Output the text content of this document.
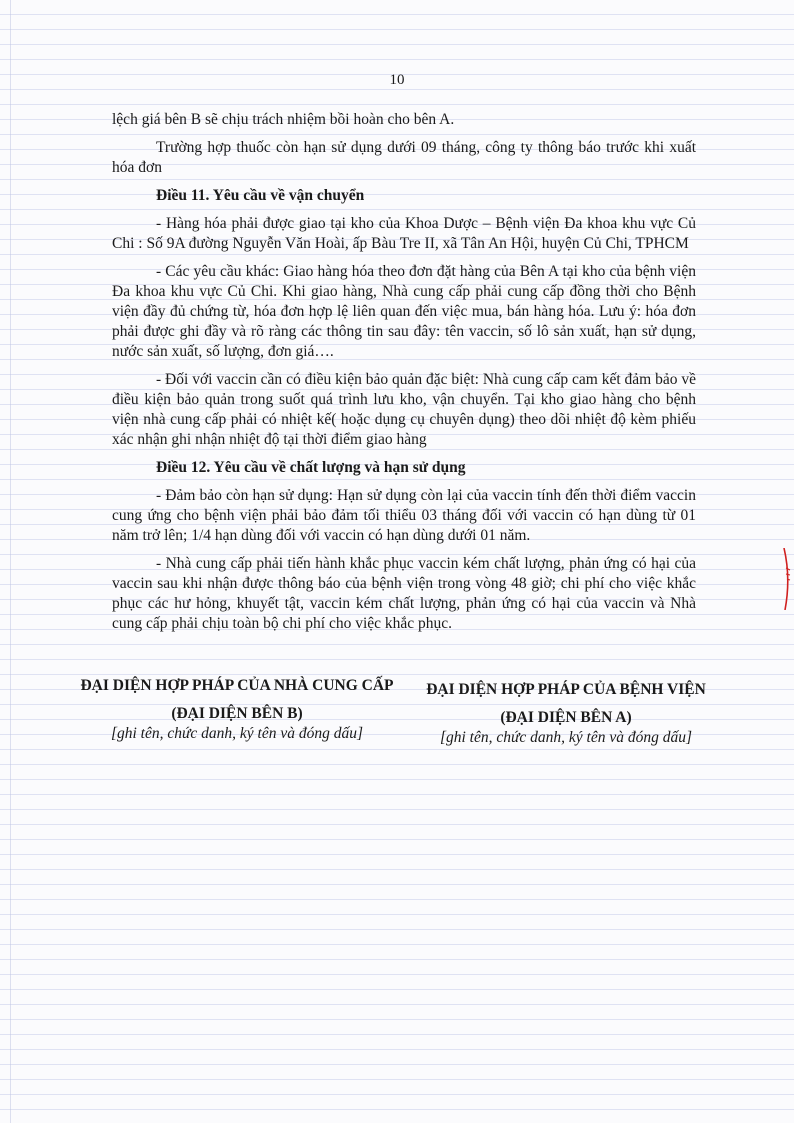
10

lệch giá bên B sẽ chịu trách nhiệm bồi hoàn cho bên A.

Trường hợp thuốc còn hạn sử dụng dưới 09 tháng, công ty thông báo trước khi xuất hóa đơn

Điều 11. Yêu cầu về vận chuyển

- Hàng hóa phải được giao tại kho của Khoa Dược – Bệnh viện Đa khoa khu vực Củ Chi : Số 9A đường Nguyễn Văn Hoài, ấp Bàu Tre II, xã Tân An Hội, huyện Củ Chi, TPHCM

- Các yêu cầu khác: Giao hàng hóa theo đơn đặt hàng của Bên A tại kho của bệnh viện Đa khoa khu vực Củ Chi. Khi giao hàng, Nhà cung cấp phải cung cấp đồng thời cho Bệnh viện đầy đủ chứng từ, hóa đơn hợp lệ liên quan đến việc mua, bán hàng hóa. Lưu ý: hóa đơn phải được ghi đầy và rõ ràng các thông tin sau đây: tên vaccin, số lô sản xuất, hạn sử dụng, nước sản xuất, số lượng, đơn giá….

- Đối với vaccin cần có điều kiện bảo quản đặc biệt: Nhà cung cấp cam kết đảm bảo về điều kiện bảo quản trong suốt quá trình lưu kho, vận chuyển. Tại kho giao hàng cho bệnh viện nhà cung cấp phải có nhiệt kế( hoặc dụng cụ chuyên dụng) theo dõi nhiệt độ kèm phiếu xác nhận ghi nhận nhiệt độ tại thời điểm giao hàng

Điều 12. Yêu cầu về chất lượng và hạn sử dụng

- Đảm bảo còn hạn sử dụng: Hạn sử dụng còn lại của vaccin tính đến thời điểm vaccin cung ứng cho bệnh viện phải bảo đảm tối thiểu 03 tháng đối với vaccin có hạn dùng từ 01 năm trở lên; 1/4 hạn dùng đối với vaccin có hạn dùng dưới 01 năm.

- Nhà cung cấp phải tiến hành khắc phục vaccin kém chất lượng, phản ứng có hại của vaccin sau khi nhận được thông báo của bệnh viện trong vòng 48 giờ; chi phí cho việc khắc phục các hư hỏng, khuyết tật, vaccin kém chất lượng, phản ứng có hại của vaccin và Nhà cung cấp phải chịu toàn bộ chi phí cho việc khắc phục.

ĐẠI DIỆN HỢP PHÁP CỦA NHÀ CUNG CẤP

(ĐẠI DIỆN BÊN B)

[ghi tên, chức danh, ký tên và đóng dấu]

ĐẠI DIỆN HỢP PHÁP CỦA BỆNH VIỆN

(ĐẠI DIỆN BÊN A)

[ghi tên, chức danh, ký tên và đóng dấu]
